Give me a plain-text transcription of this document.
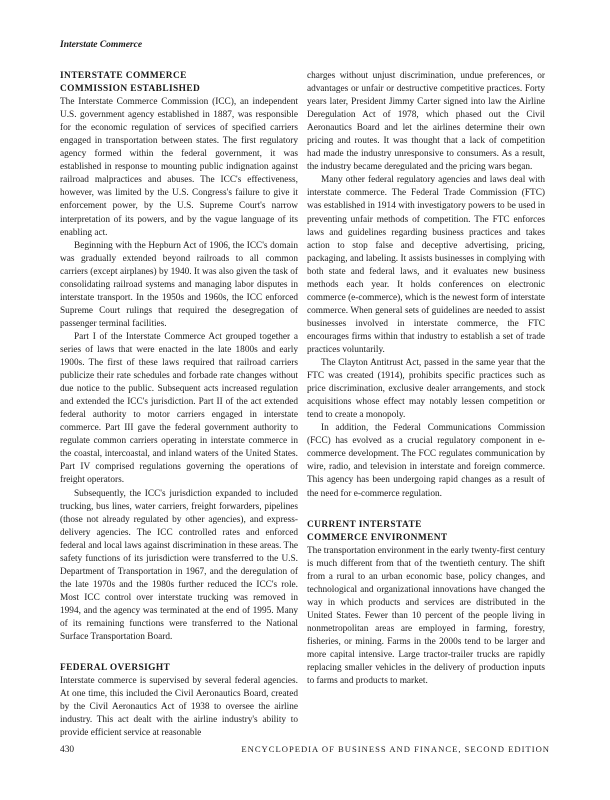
Interstate Commerce
INTERSTATE COMMERCE
COMMISSION ESTABLISHED

The Interstate Commerce Commission (ICC), an independent U.S. government agency established in 1887, was responsible for the economic regulation of services of specified carriers engaged in transportation between states. The first regulatory agency formed within the federal government, it was established in response to mounting public indignation against railroad malpractices and abuses. The ICC's effectiveness, however, was limited by the U.S. Congress's failure to give it enforcement power, by the U.S. Supreme Court's narrow interpretation of its powers, and by the vague language of its enabling act.

Beginning with the Hepburn Act of 1906, the ICC's domain was gradually extended beyond railroads to all common carriers (except airplanes) by 1940. It was also given the task of consolidating railroad systems and managing labor disputes in interstate transport. In the 1950s and 1960s, the ICC enforced Supreme Court rulings that required the desegregation of passenger terminal facilities.

Part I of the Interstate Commerce Act grouped together a series of laws that were enacted in the late 1800s and early 1900s. The first of these laws required that railroad carriers publicize their rate schedules and forbade rate changes without due notice to the public. Subsequent acts increased regulation and extended the ICC's jurisdiction. Part II of the act extended federal authority to motor carriers engaged in interstate commerce. Part III gave the federal government authority to regulate common carriers operating in interstate commerce in the coastal, intercoastal, and inland waters of the United States. Part IV comprised regulations governing the operations of freight operators.

Subsequently, the ICC's jurisdiction expanded to included trucking, bus lines, water carriers, freight forwarders, pipelines (those not already regulated by other agencies), and express-delivery agencies. The ICC controlled rates and enforced federal and local laws against discrimination in these areas. The safety functions of its jurisdiction were transferred to the U.S. Department of Transportation in 1967, and the deregulation of the late 1970s and the 1980s further reduced the ICC's role. Most ICC control over interstate trucking was removed in 1994, and the agency was terminated at the end of 1995. Many of its remaining functions were transferred to the National Surface Transportation Board.

FEDERAL OVERSIGHT

Interstate commerce is supervised by several federal agencies. At one time, this included the Civil Aeronautics Board, created by the Civil Aeronautics Act of 1938 to oversee the airline industry. This act dealt with the airline industry's ability to provide efficient service at reasonable

charges without unjust discrimination, undue preferences, or advantages or unfair or destructive competitive practices. Forty years later, President Jimmy Carter signed into law the Airline Deregulation Act of 1978, which phased out the Civil Aeronautics Board and let the airlines determine their own pricing and routes. It was thought that a lack of competition had made the industry unresponsive to consumers. As a result, the industry became deregulated and the pricing wars began.

Many other federal regulatory agencies and laws deal with interstate commerce. The Federal Trade Commission (FTC) was established in 1914 with investigatory powers to be used in preventing unfair methods of competition. The FTC enforces laws and guidelines regarding business practices and takes action to stop false and deceptive advertising, pricing, packaging, and labeling. It assists businesses in complying with both state and federal laws, and it evaluates new business methods each year. It holds conferences on electronic commerce (e-commerce), which is the newest form of interstate commerce. When general sets of guidelines are needed to assist businesses involved in interstate commerce, the FTC encourages firms within that industry to establish a set of trade practices voluntarily.

The Clayton Antitrust Act, passed in the same year that the FTC was created (1914), prohibits specific practices such as price discrimination, exclusive dealer arrangements, and stock acquisitions whose effect may notably lessen competition or tend to create a monopoly.

In addition, the Federal Communications Commission (FCC) has evolved as a crucial regulatory component in e-commerce development. The FCC regulates communication by wire, radio, and television in interstate and foreign commerce. This agency has been undergoing rapid changes as a result of the need for e-commerce regulation.

CURRENT INTERSTATE
COMMERCE ENVIRONMENT

The transportation environment in the early twenty-first century is much different from that of the twentieth century. The shift from a rural to an urban economic base, policy changes, and technological and organizational innovations have changed the way in which products and services are distributed in the United States. Fewer than 10 percent of the people living in nonmetropolitan areas are employed in farming, forestry, fisheries, or mining. Farms in the 2000s tend to be larger and more capital intensive. Large tractor-trailer trucks are rapidly replacing smaller vehicles in the delivery of production inputs to farms and products to market.

430	ENCYCLOPEDIA OF BUSINESS AND FINANCE, SECOND EDITION
